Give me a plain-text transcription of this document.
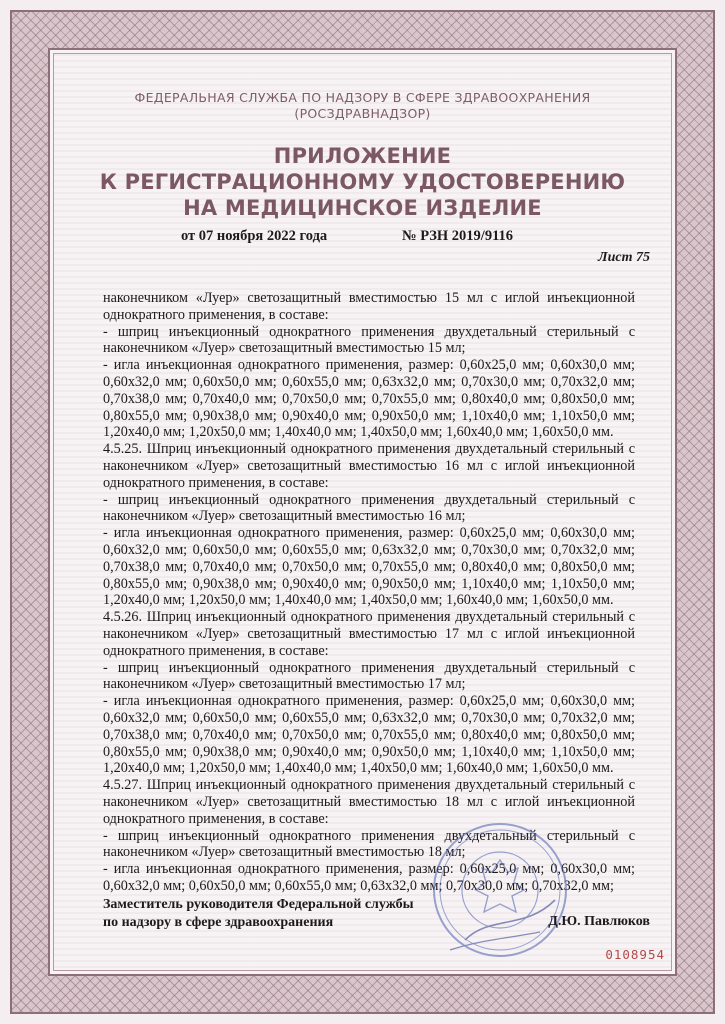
ФЕДЕРАЛЬНАЯ СЛУЖБА ПО НАДЗОРУ В СФЕРЕ ЗДРАВООХРАНЕНИЯ
(РОСЗДРАВНАДЗОР)
ПРИЛОЖЕНИЕ
К РЕГИСТРАЦИОННОМУ УДОСТОВЕРЕНИЮ
НА МЕДИЦИНСКОЕ ИЗДЕЛИЕ
от 07 ноября 2022 года	№ РЗН 2019/9116
Лист 75
наконечником «Луер» светозащитный вместимостью 15 мл с иглой инъекционной
однократного применения, в составе:
- шприц инъекционный однократного применения двухдетальный стерильный с
наконечником «Луер» светозащитный вместимостью 15 мл;
- игла инъекционная однократного применения, размер: 0,60x25,0 мм; 0,60x30,0 мм;
0,60x32,0 мм; 0,60x50,0 мм; 0,60x55,0 мм; 0,63x32,0 мм; 0,70x30,0 мм; 0,70x32,0 мм;
0,70x38,0 мм; 0,70x40,0 мм; 0,70x50,0 мм; 0,70x55,0 мм; 0,80x40,0 мм; 0,80x50,0 мм;
0,80x55,0 мм; 0,90x38,0 мм; 0,90x40,0 мм; 0,90x50,0 мм; 1,10x40,0 мм; 1,10x50,0 мм;
1,20x40,0 мм; 1,20x50,0 мм; 1,40x40,0 мм; 1,40x50,0 мм; 1,60x40,0 мм; 1,60x50,0 мм.
4.5.25. Шприц инъекционный однократного применения двухдетальный стерильный с
наконечником «Луер» светозащитный вместимостью 16 мл с иглой инъекционной
однократного применения, в составе:
- шприц инъекционный однократного применения двухдетальный стерильный с
наконечником «Луер» светозащитный вместимостью 16 мл;
- игла инъекционная однократного применения, размер: 0,60x25,0 мм; 0,60x30,0 мм;
0,60x32,0 мм; 0,60x50,0 мм; 0,60x55,0 мм; 0,63x32,0 мм; 0,70x30,0 мм; 0,70x32,0 мм;
0,70x38,0 мм; 0,70x40,0 мм; 0,70x50,0 мм; 0,70x55,0 мм; 0,80x40,0 мм; 0,80x50,0 мм;
0,80x55,0 мм; 0,90x38,0 мм; 0,90x40,0 мм; 0,90x50,0 мм; 1,10x40,0 мм; 1,10x50,0 мм;
1,20x40,0 мм; 1,20x50,0 мм; 1,40x40,0 мм; 1,40x50,0 мм; 1,60x40,0 мм; 1,60x50,0 мм.
4.5.26. Шприц инъекционный однократного применения двухдетальный стерильный с
наконечником «Луер» светозащитный вместимостью 17 мл с иглой инъекционной
однократного применения, в составе:
- шприц инъекционный однократного применения двухдетальный стерильный с
наконечником «Луер» светозащитный вместимостью 17 мл;
- игла инъекционная однократного применения, размер: 0,60x25,0 мм; 0,60x30,0 мм;
0,60x32,0 мм; 0,60x50,0 мм; 0,60x55,0 мм; 0,63x32,0 мм; 0,70x30,0 мм; 0,70x32,0 мм;
0,70x38,0 мм; 0,70x40,0 мм; 0,70x50,0 мм; 0,70x55,0 мм; 0,80x40,0 мм; 0,80x50,0 мм;
0,80x55,0 мм; 0,90x38,0 мм; 0,90x40,0 мм; 0,90x50,0 мм; 1,10x40,0 мм; 1,10x50,0 мм;
1,20x40,0 мм; 1,20x50,0 мм; 1,40x40,0 мм; 1,40x50,0 мм; 1,60x40,0 мм; 1,60x50,0 мм.
4.5.27. Шприц инъекционный однократного применения двухдетальный стерильный с
наконечником «Луер» светозащитный вместимостью 18 мл с иглой инъекционной
однократного применения, в составе:
- шприц инъекционный однократного применения двухдетальный стерильный с
наконечником «Луер» светозащитный вместимостью 18 мл;
- игла инъекционная однократного применения, размер: 0,60x25,0 мм; 0,60x30,0 мм;
0,60x32,0 мм; 0,60x50,0 мм; 0,60x55,0 мм; 0,63x32,0 мм; 0,70x30,0 мм; 0,70x32,0 мм;
Заместитель руководителя Федеральной службы
по надзору в сфере здравоохранения	Д.Ю. Павлюков
0108954
